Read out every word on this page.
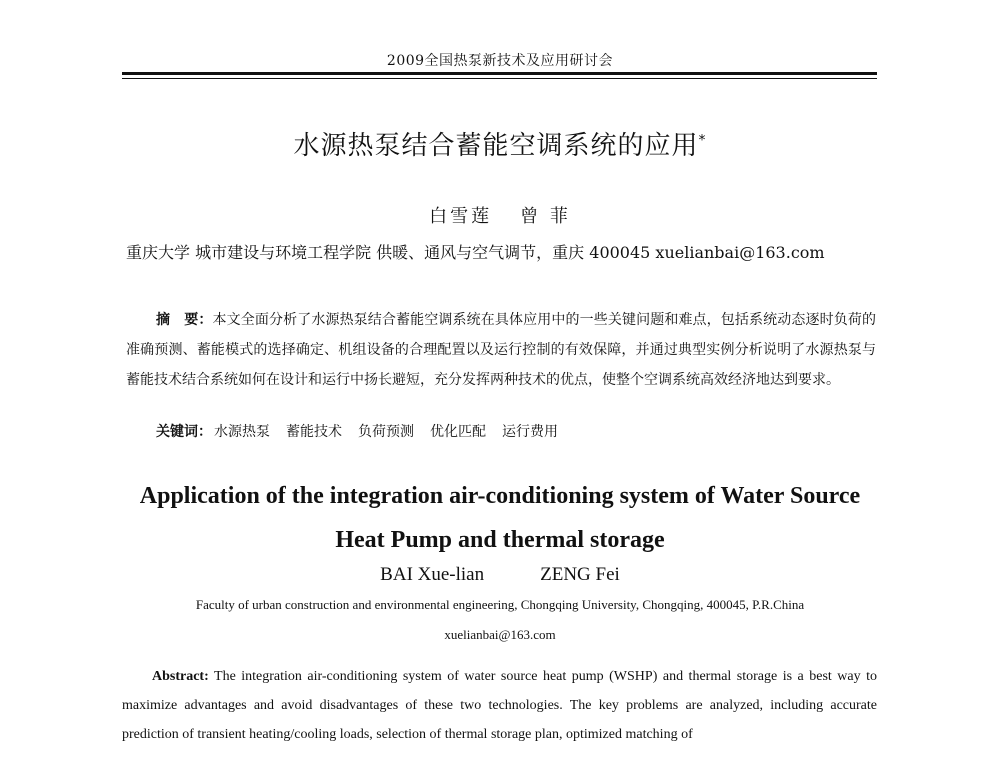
2009全国热泵新技术及应用研讨会
水源热泵结合蓄能空调系统的应用*
白雪莲 曾 菲
重庆大学 城市建设与环境工程学院 供暖、通风与空气调节，重庆 400045 xuelianbai@163.com
摘　要：本文全面分析了水源热泵结合蓄能空调系统在具体应用中的一些关键问题和难点，包括系统动态逐时负荷的准确预测、蓄能模式的选择确定、机组设备的合理配置以及运行控制的有效保障，并通过典型实例分析说明了水源热泵与蓄能技术结合系统如何在设计和运行中扬长避短，充分发挥两种技术的优点，使整个空调系统高效经济地达到要求。
关键词： 水源热泵 蓄能技术 负荷预测 优化匹配 运行费用
Application of the integration air-conditioning system of Water Source
Heat Pump and thermal storage
BAI Xue-lian	ZENG Fei
Faculty of urban construction and environmental engineering, Chongqing University, Chongqing, 400045, P.R.China
xuelianbai@163.com
Abstract: The integration air-conditioning system of water source heat pump (WSHP) and thermal storage is a best way to maximize advantages and avoid disadvantages of these two technologies. The key problems are analyzed, including accurate prediction of transient heating/cooling loads, selection of thermal storage plan, optimized matching of
